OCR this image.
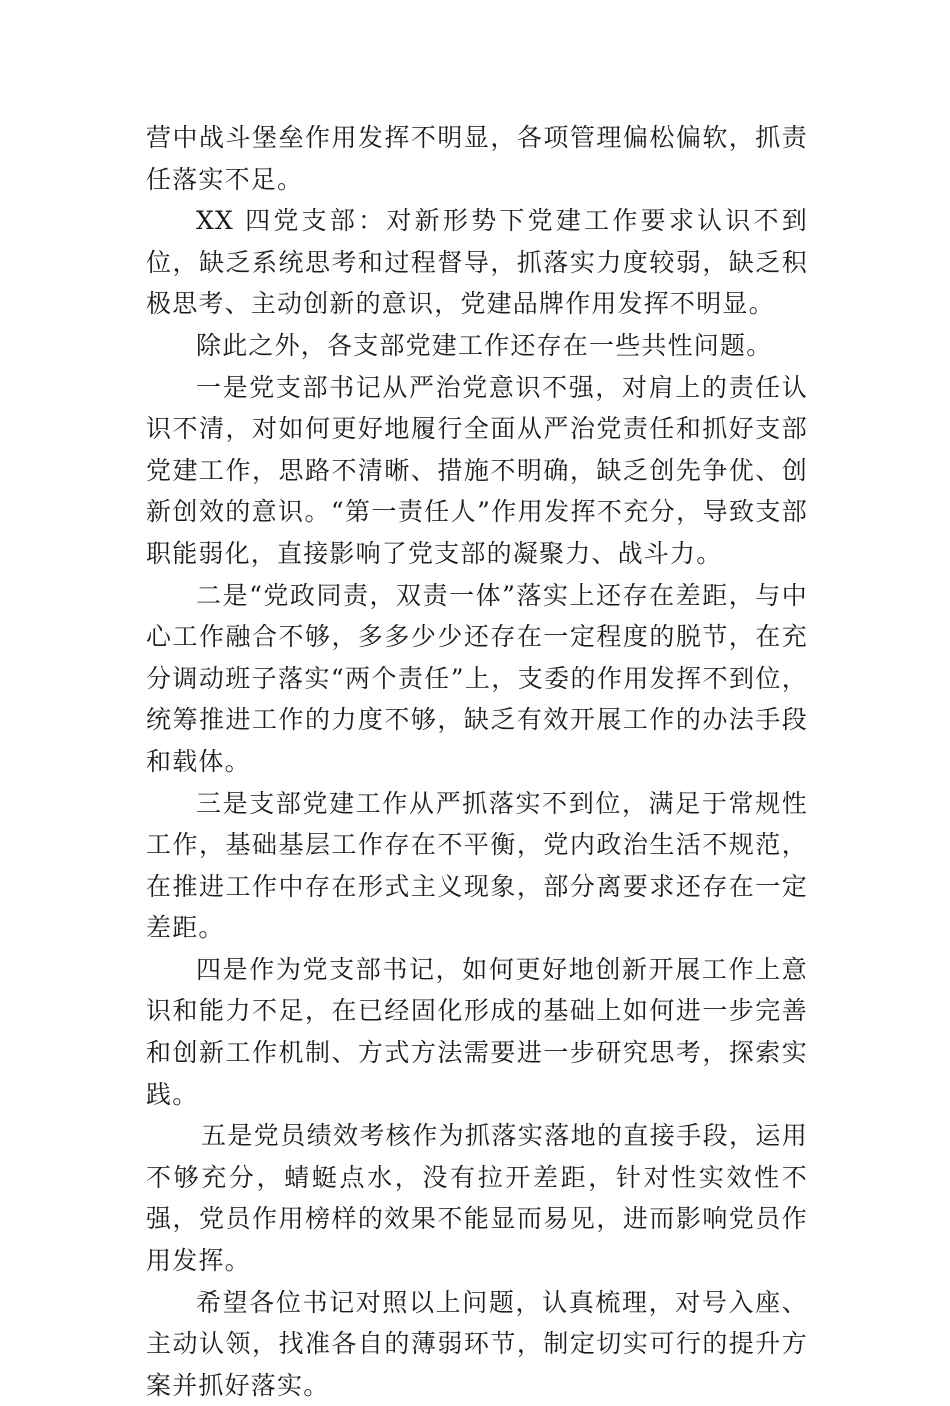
营中战斗堡垒作用发挥不明显，各项管理偏松偏软，抓责任落实不足。

XX 四党支部：对新形势下党建工作要求认识不到位，缺乏系统思考和过程督导，抓落实力度较弱，缺乏积极思考、主动创新的意识，党建品牌作用发挥不明显。

除此之外，各支部党建工作还存在一些共性问题。

一是党支部书记从严治党意识不强，对肩上的责任认识不清，对如何更好地履行全面从严治党责任和抓好支部党建工作，思路不清晰、措施不明确，缺乏创先争优、创新创效的意识。“第一责任人”作用发挥不充分，导致支部职能弱化，直接影响了党支部的凝聚力、战斗力。

二是“党政同责，双责一体”落实上还存在差距，与中心工作融合不够，多多少少还存在一定程度的脱节，在充分调动班子落实“两个责任”上，支委的作用发挥不到位，统筹推进工作的力度不够，缺乏有效开展工作的办法手段和载体。

三是支部党建工作从严抓落实不到位，满足于常规性工作，基础基层工作存在不平衡，党内政治生活不规范，在推进工作中存在形式主义现象，部分离要求还存在一定差距。

四是作为党支部书记，如何更好地创新开展工作上意识和能力不足，在已经固化形成的基础上如何进一步完善和创新工作机制、方式方法需要进一步研究思考，探索实践。

五是党员绩效考核作为抓落实落地的直接手段，运用不够充分，蜻蜓点水，没有拉开差距，针对性实效性不强，党员作用榜样的效果不能显而易见，进而影响党员作用发挥。

希望各位书记对照以上问题，认真梳理，对号入座、主动认领，找准各自的薄弱环节，制定切实可行的提升方案并抓好落实。
